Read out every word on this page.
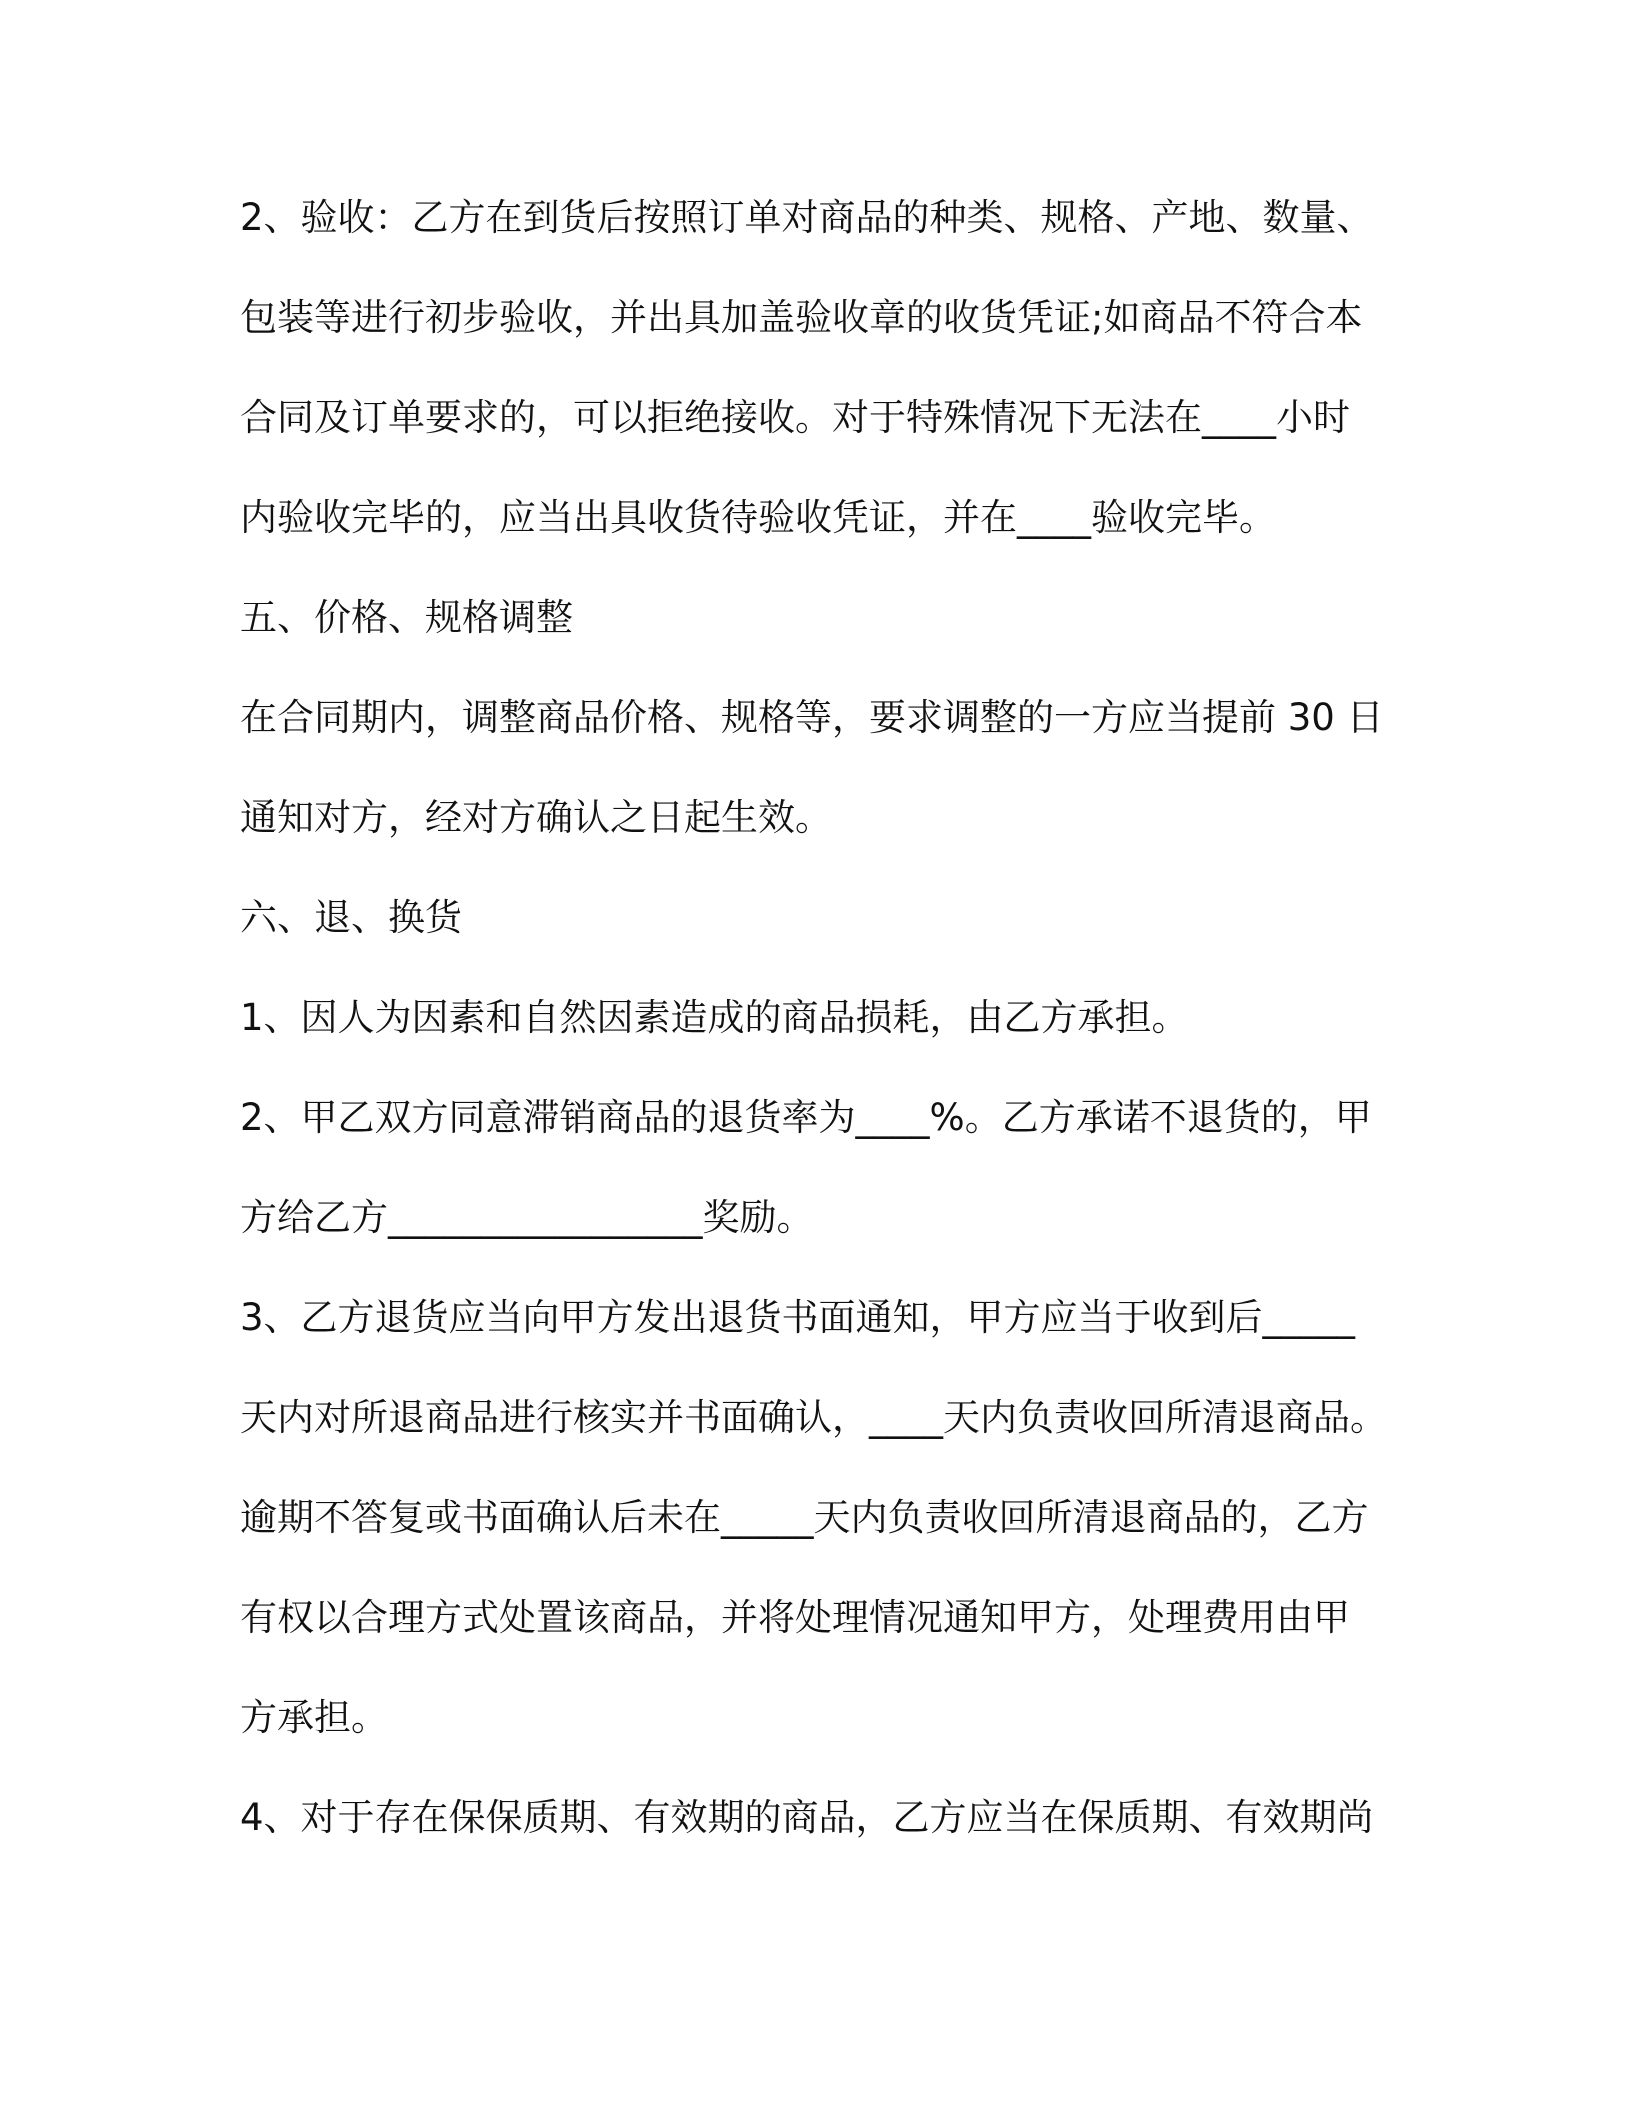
2、验收：乙方在到货后按照订单对商品的种类、规格、产地、数量、
包装等进行初步验收，并出具加盖验收章的收货凭证;如商品不符合本
合同及订单要求的，可以拒绝接收。对于特殊情况下无法在____小时
内验收完毕的，应当出具收货待验收凭证，并在____验收完毕。
五、价格、规格调整
在合同期内，调整商品价格、规格等，要求调整的一方应当提前 30 日
通知对方，经对方确认之日起生效。
六、退、换货
1、因人为因素和自然因素造成的商品损耗，由乙方承担。
2、甲乙双方同意滞销商品的退货率为____%。乙方承诺不退货的，甲
方给乙方_________________奖励。
3、乙方退货应当向甲方发出退货书面通知，甲方应当于收到后_____
天内对所退商品进行核实并书面确认，____天内负责收回所清退商品。
逾期不答复或书面确认后未在_____天内负责收回所清退商品的，乙方
有权以合理方式处置该商品，并将处理情况通知甲方，处理费用由甲
方承担。
4、对于存在保保质期、有效期的商品，乙方应当在保质期、有效期尚
